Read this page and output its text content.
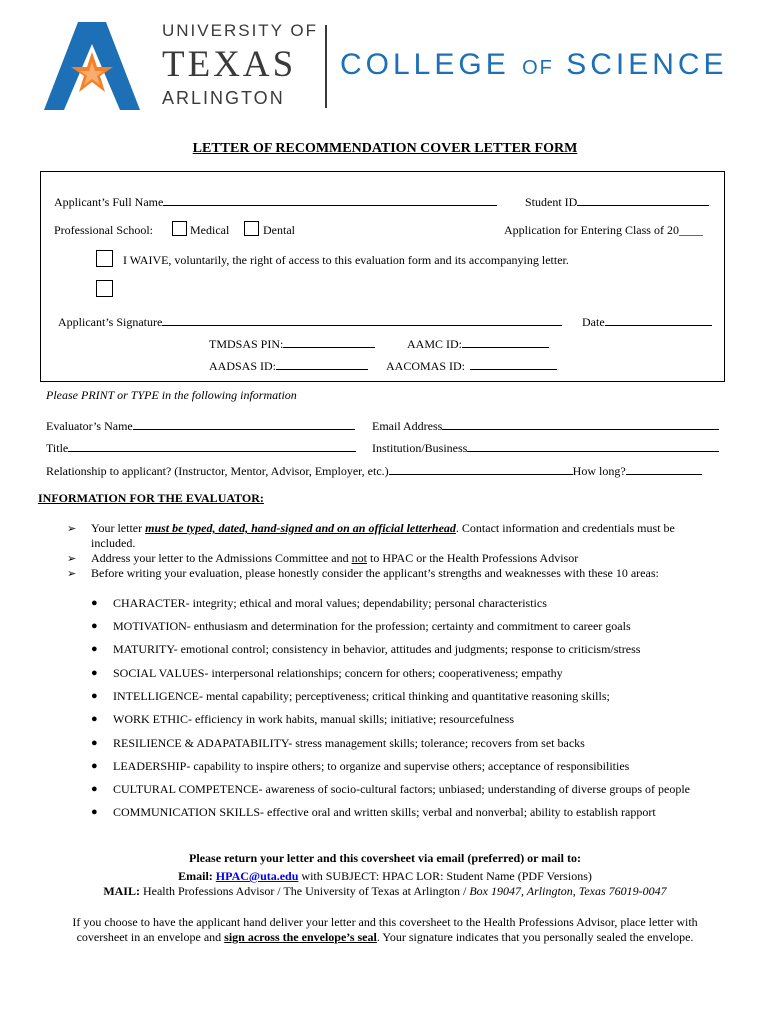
UNIVERSITY OF
TEXAS
ARLINGTON
COLLEGE OF SCIENCE
LETTER OF RECOMMENDATION COVER LETTER FORM
Applicant’s Full Name	Student ID
Professional School:	Medical	Dental	Application for Entering Class of 20____
I WAIVE, voluntarily, the right of access to this evaluation form and its accompanying letter.
Applicant’s Signature	Date
TMDSAS PIN:	AAMC ID:
AADSAS ID:	AACOMAS ID:
Please PRINT or TYPE in the following information
Evaluator’s Name	Email Address
Title	Institution/Business
Relationship to applicant? (Instructor, Mentor, Advisor, Employer, etc.)	How long?
INFORMATION FOR THE EVALUATOR:
➢ Your letter must be typed, dated, hand-signed and on an official letterhead. Contact information and credentials must be
included.
➢ Address your letter to the Admissions Committee and not to HPAC or the Health Professions Advisor
➢ Before writing your evaluation, please honestly consider the applicant’s strengths and weaknesses with these 10 areas:
● CHARACTER- integrity; ethical and moral values; dependability; personal characteristics
● MOTIVATION- enthusiasm and determination for the profession; certainty and commitment to career goals
● MATURITY- emotional control; consistency in behavior, attitudes and judgments; response to criticism/stress
● SOCIAL VALUES- interpersonal relationships; concern for others; cooperativeness; empathy
● INTELLIGENCE- mental capability; perceptiveness; critical thinking and quantitative reasoning skills;
● WORK ETHIC- efficiency in work habits, manual skills; initiative; resourcefulness
● RESILIENCE & ADAPATABILITY- stress management skills; tolerance; recovers from set backs
● LEADERSHIP- capability to inspire others; to organize and supervise others; acceptance of responsibilities
● CULTURAL COMPETENCE- awareness of socio-cultural factors; unbiased; understanding of diverse groups of people
● COMMUNICATION SKILLS- effective oral and written skills; verbal and nonverbal; ability to establish rapport
Please return your letter and this coversheet via email (preferred) or mail to:
Email: HPAC@uta.edu with SUBJECT: HPAC LOR: Student Name (PDF Versions)
MAIL: Health Professions Advisor / The University of Texas at Arlington / Box 19047, Arlington, Texas 76019-0047
If you choose to have the applicant hand deliver your letter and this coversheet to the Health Professions Advisor, place letter with
coversheet in an envelope and sign across the envelope’s seal. Your signature indicates that you personally sealed the envelope.
